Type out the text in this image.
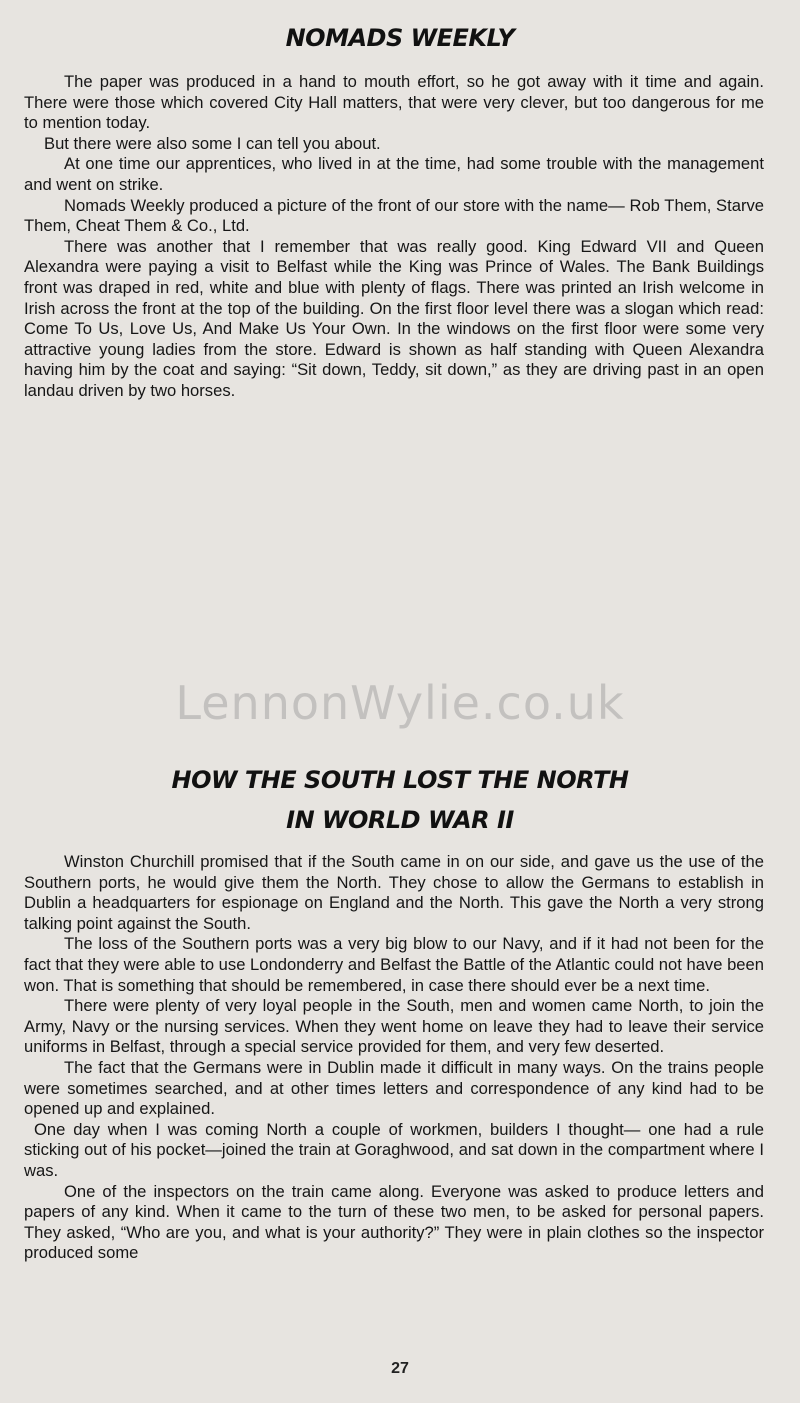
NOMADS WEEKLY

The paper was produced in a hand to mouth effort, so he got away with it time and again. There were those which covered City Hall matters, that were very clever, but too dangerous for me to mention today.

But there were also some I can tell you about.

At one time our apprentices, who lived in at the time, had some trouble with the management and went on strike.

Nomads Weekly produced a picture of the front of our store with the name— Rob Them, Starve Them, Cheat Them & Co., Ltd.

There was another that I remember that was really good. King Edward VII and Queen Alexandra were paying a visit to Belfast while the King was Prince of Wales. The Bank Buildings front was draped in red, white and blue with plenty of flags. There was printed an Irish welcome in Irish across the front at the top of the building. On the first floor level there was a slogan which read: Come To Us, Love Us, And Make Us Your Own. In the windows on the first floor were some very attractive young ladies from the store. Edward is shown as half standing with Queen Alexandra having him by the coat and saying: “Sit down, Teddy, sit down,” as they are driving past in an open landau driven by two horses.

LennonWylie.co.uk
HOW THE SOUTH LOST THE NORTH
IN WORLD WAR II

Winston Churchill promised that if the South came in on our side, and gave us the use of the Southern ports, he would give them the North. They chose to allow the Germans to establish in Dublin a headquarters for espionage on England and the North. This gave the North a very strong talking point against the South.

The loss of the Southern ports was a very big blow to our Navy, and if it had not been for the fact that they were able to use Londonderry and Belfast the Battle of the Atlantic could not have been won. That is something that should be remembered, in case there should ever be a next time.

There were plenty of very loyal people in the South, men and women came North, to join the Army, Navy or the nursing services. When they went home on leave they had to leave their service uniforms in Belfast, through a special service provided for them, and very few deserted.

The fact that the Germans were in Dublin made it difficult in many ways. On the trains people were sometimes searched, and at other times letters and correspondence of any kind had to be opened up and explained.

One day when I was coming North a couple of workmen, builders I thought— one had a rule sticking out of his pocket—joined the train at Goraghwood, and sat down in the compartment where I was.

One of the inspectors on the train came along. Everyone was asked to produce letters and papers of any kind. When it came to the turn of these two men, to be asked for personal papers. They asked, “Who are you, and what is your authority?” They were in plain clothes so the inspector produced some

27
